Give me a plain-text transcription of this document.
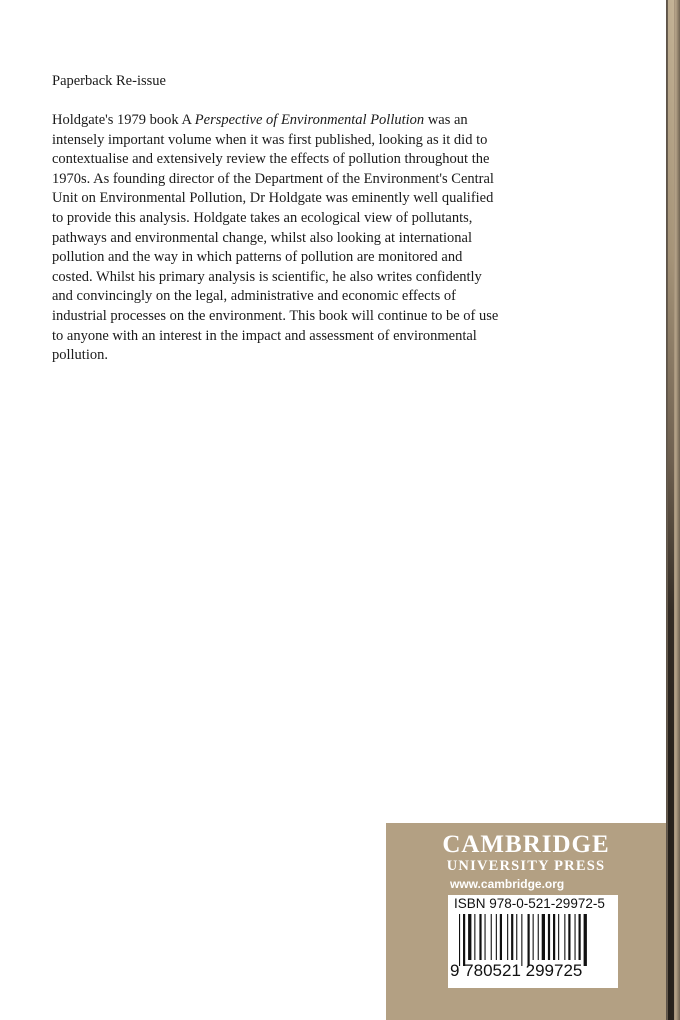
Paperback Re-issue

Holdgate's 1979 book A Perspective of Environmental Pollution was an intensely important volume when it was first published, looking as it did to contextualise and extensively review the effects of pollution throughout the 1970s. As founding director of the Department of the Environment's Central Unit on Environmental Pollution, Dr Holdgate was eminently well qualified to provide this analysis. Holdgate takes an ecological view of pollutants, pathways and environmental change, whilst also looking at international pollution and the way in which patterns of pollution are monitored and costed. Whilst his primary analysis is scientific, he also writes confidently and convincingly on the legal, administrative and economic effects of industrial processes on the environment. This book will continue to be of use to anyone with an interest in the impact and assessment of environmental pollution.

CAMBRIDGE
UNIVERSITY PRESS
www.cambridge.org
ISBN 978-0-521-29972-5
9 780521 299725
